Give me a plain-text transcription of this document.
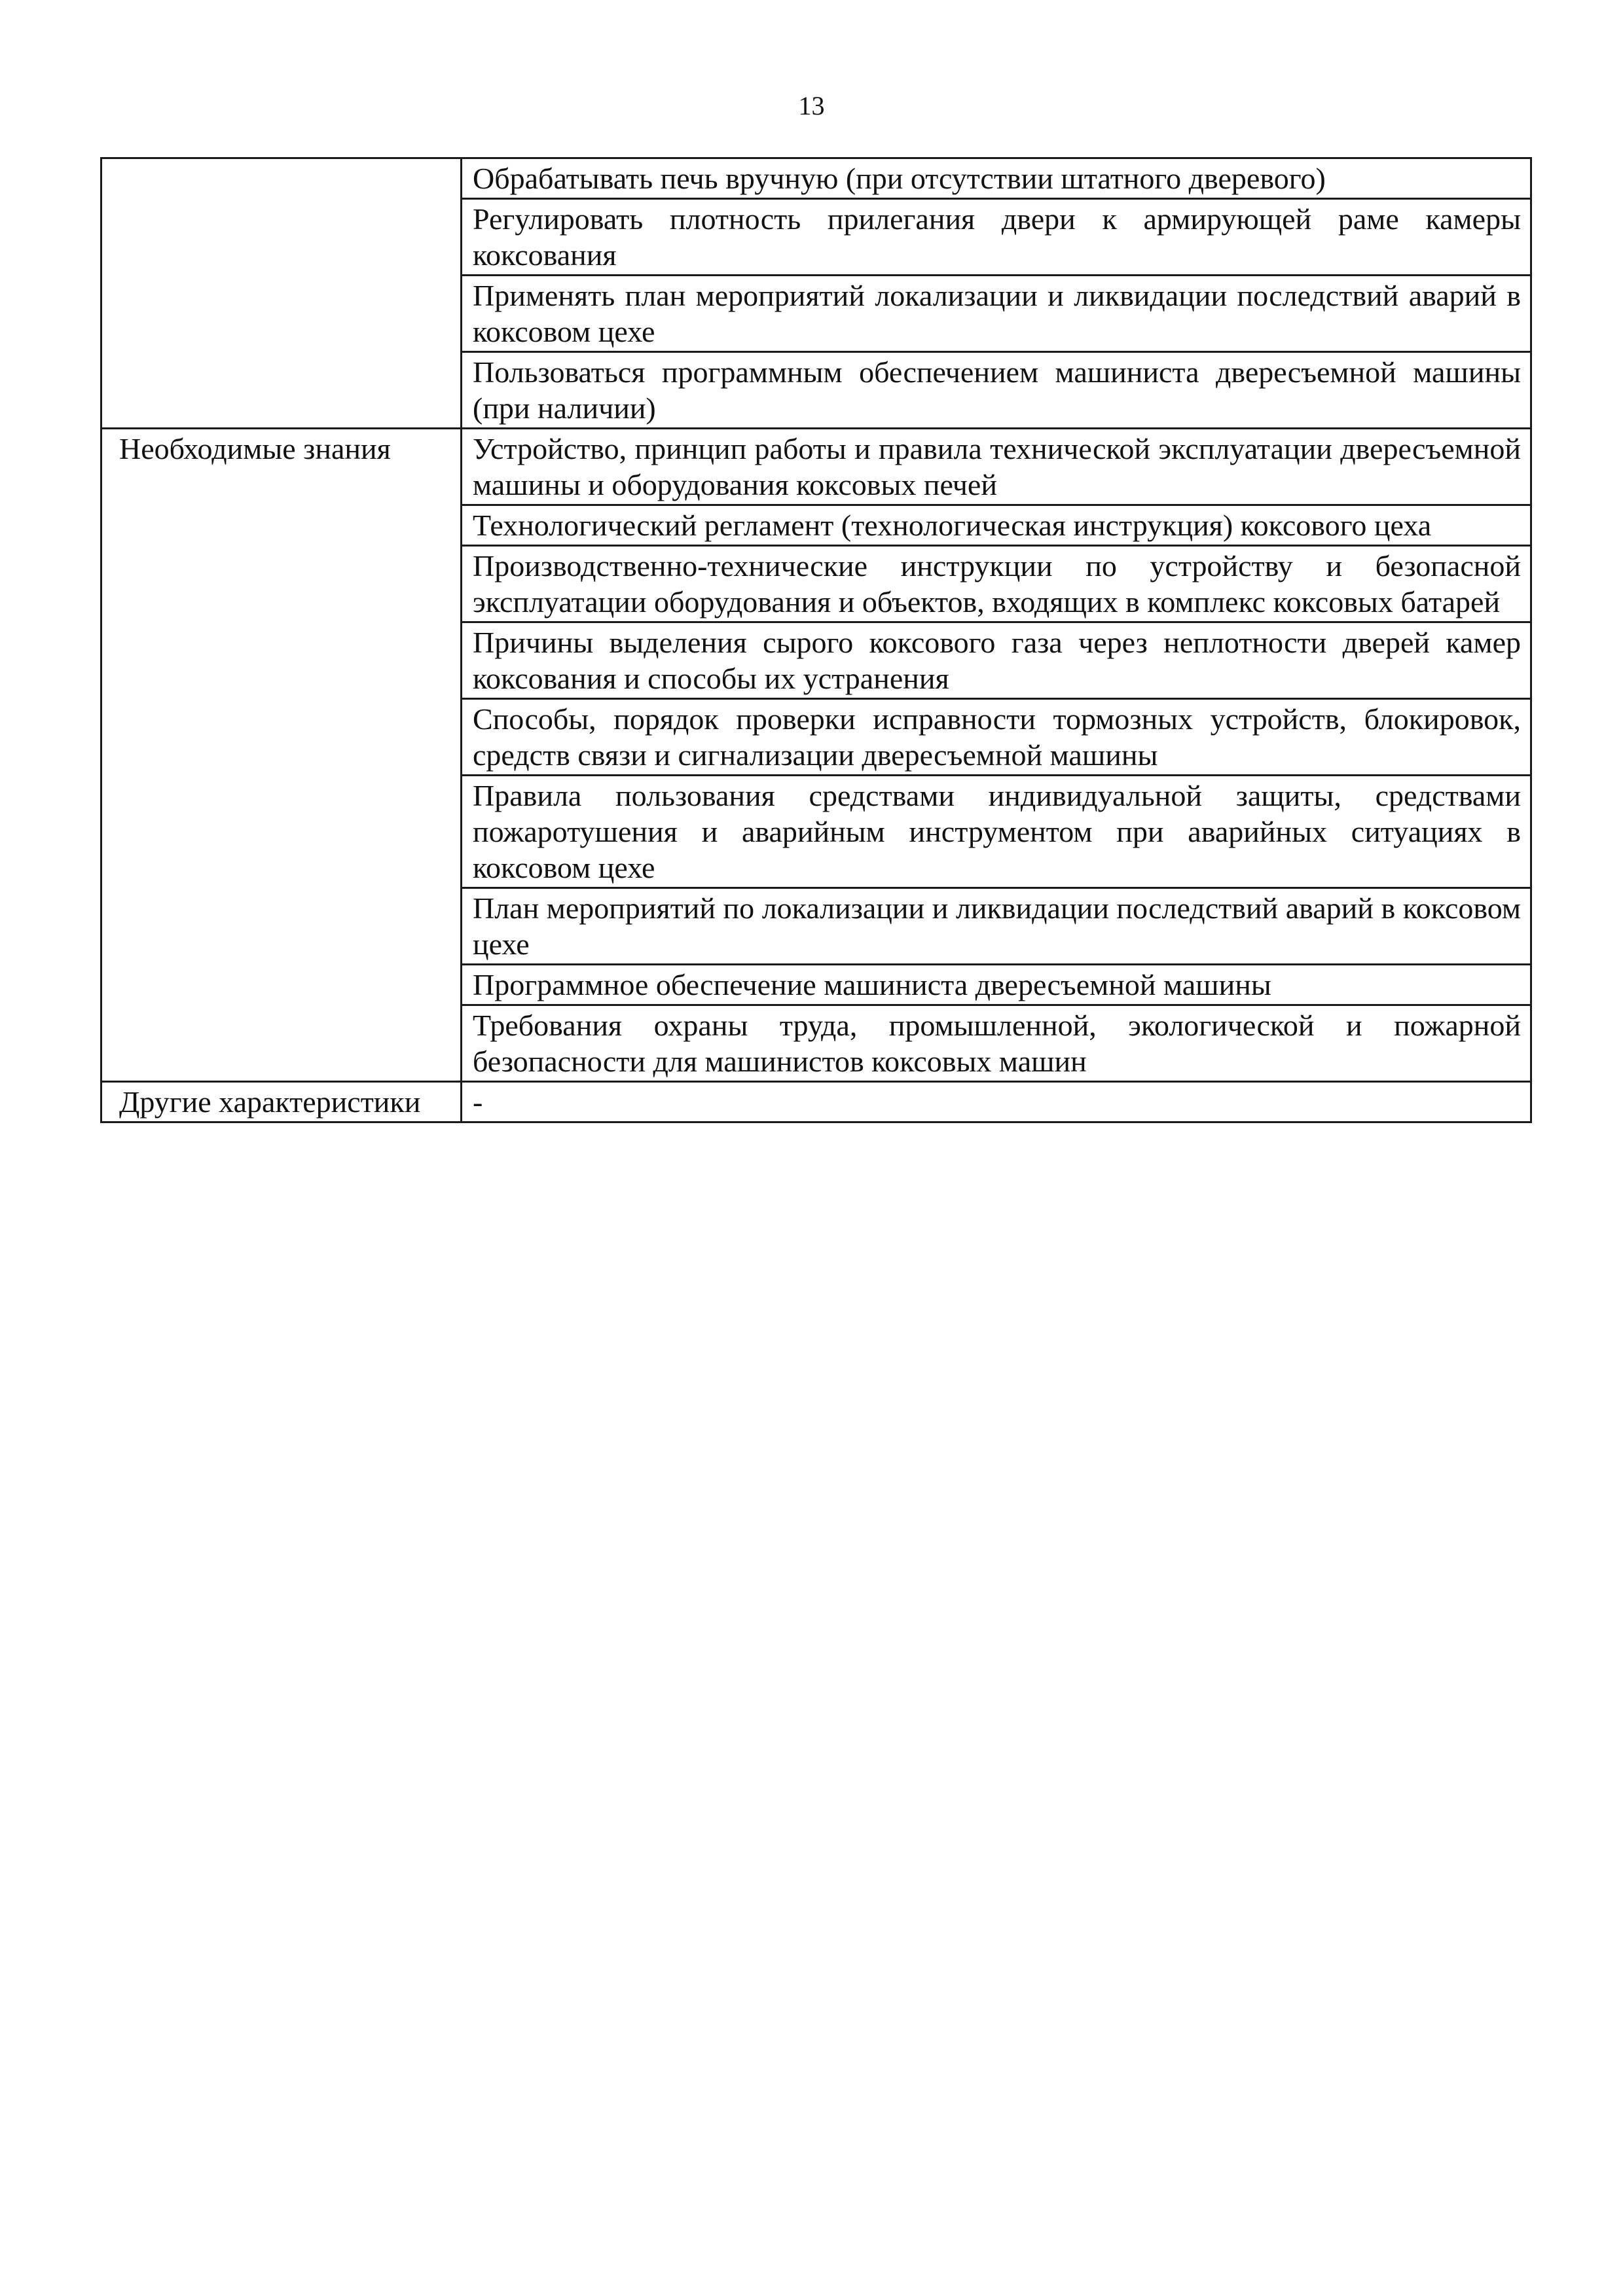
13
	Обрабатывать печь вручную (при отсутствии штатного дверевого)
	Регулировать плотность прилегания двери к армирующей раме камеры коксования
	Применять план мероприятий локализации и ликвидации последствий аварий в коксовом цехе
	Пользоваться программным обеспечением машиниста двересъемной машины (при наличии)
Необходимые знания	Устройство, принцип работы и правила технической эксплуатации двересъемной машины и оборудования коксовых печей
	Технологический регламент (технологическая инструкция) коксового цеха
	Производственно-технические инструкции по устройству и безопасной эксплуатации оборудования и объектов, входящих в комплекс коксовых батарей
	Причины выделения сырого коксового газа через неплотности дверей камер коксования и способы их устранения
	Способы, порядок проверки исправности тормозных устройств, блокировок, средств связи и сигнализации двересъемной машины
	Правила пользования средствами индивидуальной защиты, средствами пожаротушения и аварийным инструментом при аварийных ситуациях в коксовом цехе
	План мероприятий по локализации и ликвидации последствий аварий в коксовом цехе
	Программное обеспечение машиниста двересъемной машины
	Требования охраны труда, промышленной, экологической и пожарной безопасности для машинистов коксовых машин
Другие характеристики	-
